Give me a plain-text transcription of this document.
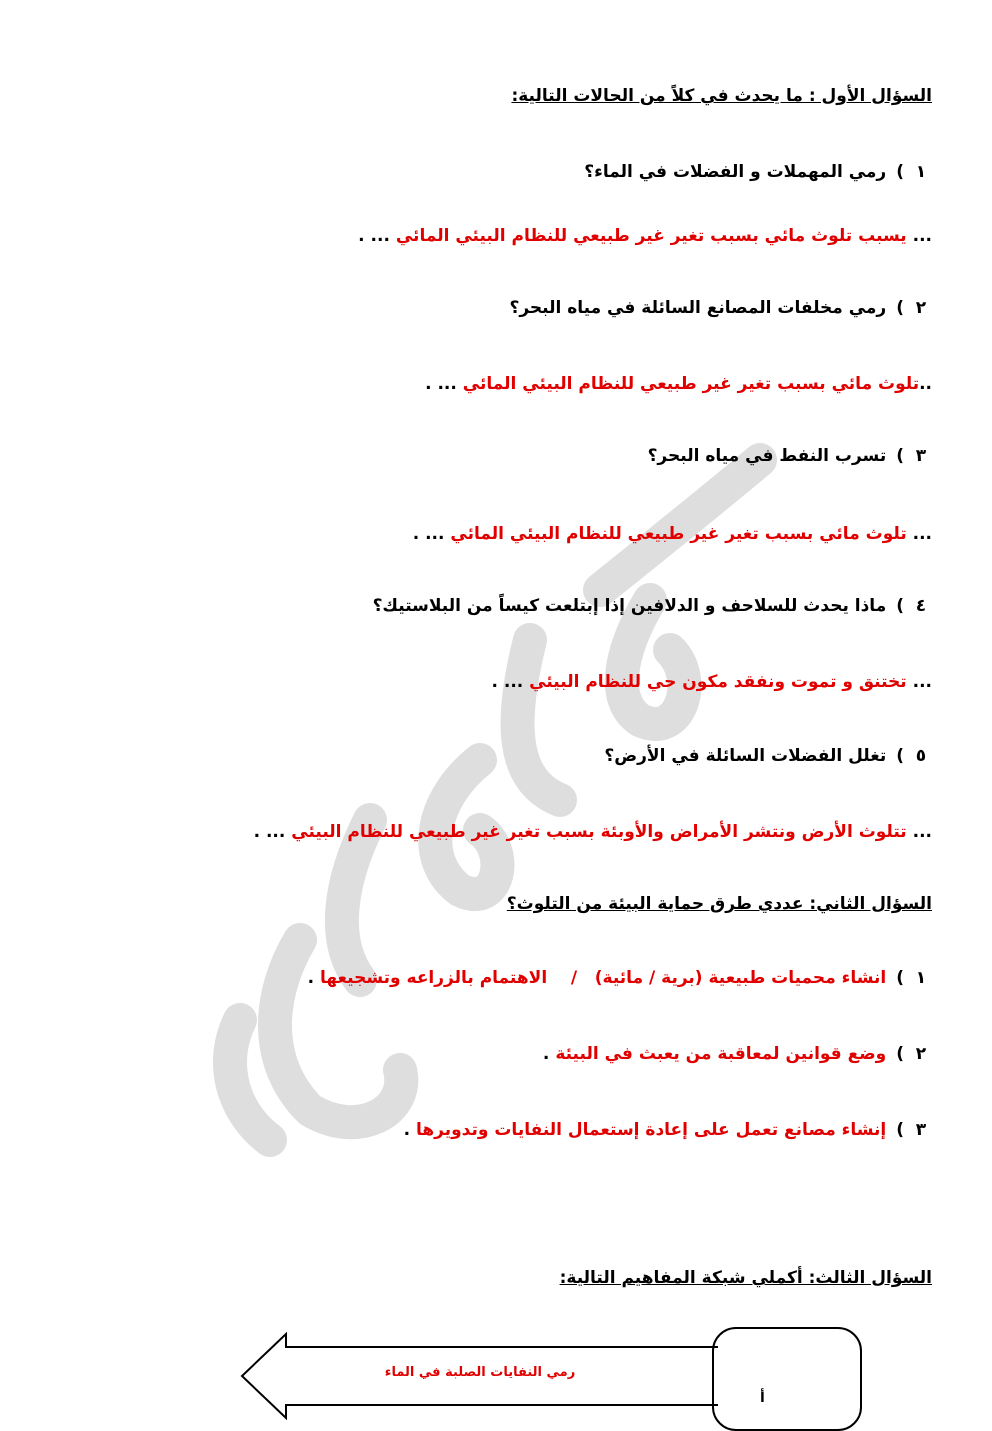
السؤال الأول : ما يحدث في كلاً من الحالات التالية:
١)رمي المهملات و الفضلات في الماء؟
... يسبب تلوث مائي بسبب تغير غير طبيعي للنظام البيئي المائي ... .
٢)رمي مخلفات المصانع السائلة في مياه البحر؟
..تلوث مائي بسبب تغير غير طبيعي للنظام البيئي المائي ... .
٣)تسرب النفط في مياه البحر؟
... تلوث مائي بسبب تغير غير طبيعي للنظام البيئي المائي ... .
٤)ماذا يحدث للسلاحف و الدلافين إذا إبتلعت كيساً من البلاستيك؟
... تختنق و تموت ونفقد مكون حي للنظام البيئي ... .
٥)تغلل الفضلات السائلة في الأرض؟
... تتلوث الأرض ونتشر الأمراض والأوبئة بسبب تغير غير طبيعي للنظام البيئي ... .
السؤال الثاني: عددي طرق حماية البيئة من التلوث؟
١)انشاء محميات طبيعية (برية / مائية)   /    الاهتمام بالزراعه وتشجيعها .
٢)وضع قوانين لمعاقبة من يعبث في البيئة .
٣)إنشاء مصانع تعمل على إعادة إستعمال النفايات وتدويرها .
السؤال الثالث: أكملي شبكة المفاهيم التالية:
رمي النفايات الصلبة في الماء
أ
